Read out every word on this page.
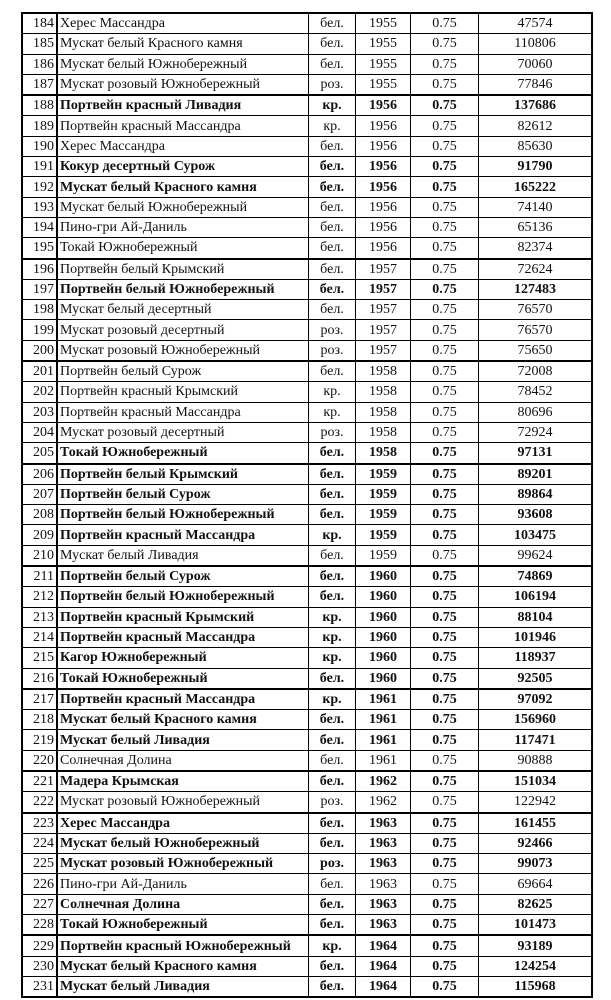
184	Херес Массандра	бел.	1955	0.75	47574
185	Мускат белый Красного камня	бел.	1955	0.75	110806
186	Мускат белый Южнобережный	бел.	1955	0.75	70060
187	Мускат розовый Южнобережный	роз.	1955	0.75	77846
188	Портвейн красный Ливадия	кр.	1956	0.75	137686
189	Портвейн красный Массандра	кр.	1956	0.75	82612
190	Херес Массандра	бел.	1956	0.75	85630
191	Кокур десертный Сурож	бел.	1956	0.75	91790
192	Мускат белый Красного камня	бел.	1956	0.75	165222
193	Мускат белый Южнобережный	бел.	1956	0.75	74140
194	Пино-гри Ай-Даниль	бел.	1956	0.75	65136
195	Токай Южнобережный	бел.	1956	0.75	82374
196	Портвейн белый Крымский	бел.	1957	0.75	72624
197	Портвейн белый Южнобережный	бел.	1957	0.75	127483
198	Мускат белый десертный	бел.	1957	0.75	76570
199	Мускат розовый десертный	роз.	1957	0.75	76570
200	Мускат розовый Южнобережный	роз.	1957	0.75	75650
201	Портвейн белый Сурож	бел.	1958	0.75	72008
202	Портвейн красный Крымский	кр.	1958	0.75	78452
203	Портвейн красный Массандра	кр.	1958	0.75	80696
204	Мускат розовый десертный	роз.	1958	0.75	72924
205	Токай Южнобережный	бел.	1958	0.75	97131
206	Портвейн белый Крымский	бел.	1959	0.75	89201
207	Портвейн белый Сурож	бел.	1959	0.75	89864
208	Портвейн белый Южнобережный	бел.	1959	0.75	93608
209	Портвейн красный Массандра	кр.	1959	0.75	103475
210	Мускат белый Ливадия	бел.	1959	0.75	99624
211	Портвейн белый Сурож	бел.	1960	0.75	74869
212	Портвейн белый Южнобережный	бел.	1960	0.75	106194
213	Портвейн красный Крымский	кр.	1960	0.75	88104
214	Портвейн красный Массандра	кр.	1960	0.75	101946
215	Кагор Южнобережный	кр.	1960	0.75	118937
216	Токай Южнобережный	бел.	1960	0.75	92505
217	Портвейн красный Массандра	кр.	1961	0.75	97092
218	Мускат белый Красного камня	бел.	1961	0.75	156960
219	Мускат белый Ливадия	бел.	1961	0.75	117471
220	Солнечная Долина	бел.	1961	0.75	90888
221	Мадера Крымская	бел.	1962	0.75	151034
222	Мускат розовый Южнобережный	роз.	1962	0.75	122942
223	Херес Массандра	бел.	1963	0.75	161455
224	Мускат белый Южнобережный	бел.	1963	0.75	92466
225	Мускат розовый Южнобережный	роз.	1963	0.75	99073
226	Пино-гри Ай-Даниль	бел.	1963	0.75	69664
227	Солнечная Долина	бел.	1963	0.75	82625
228	Токай Южнобережный	бел.	1963	0.75	101473
229	Портвейн красный Южнобережный	кр.	1964	0.75	93189
230	Мускат белый Красного камня	бел.	1964	0.75	124254
231	Мускат белый Ливадия	бел.	1964	0.75	115968
